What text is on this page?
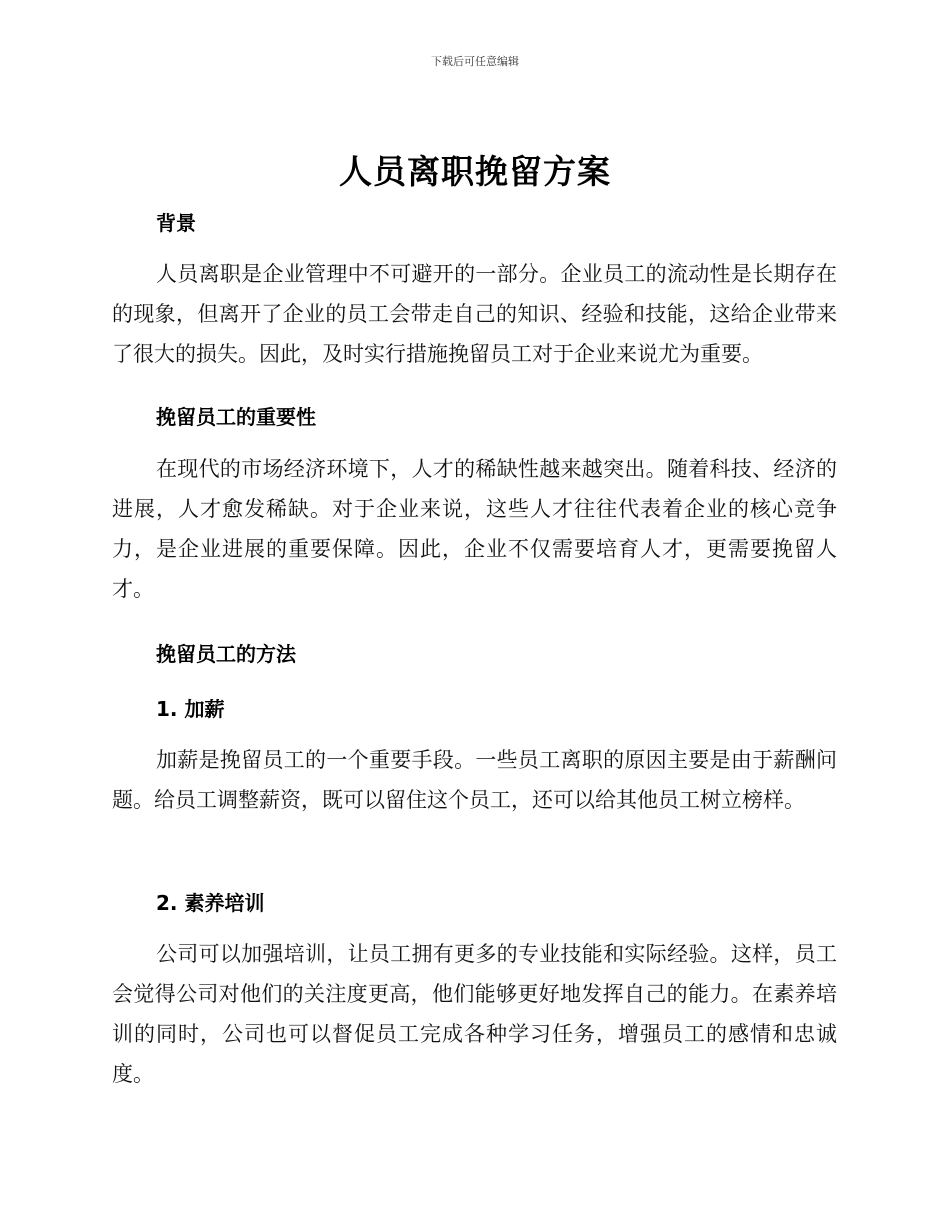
下载后可任意编辑
人员离职挽留方案
背景
人员离职是企业管理中不可避开的一部分。企业员工的流动性是长期存在的现象，但离开了企业的员工会带走自己的知识、经验和技能，这给企业带来了很大的损失。因此，及时实行措施挽留员工对于企业来说尤为重要。
挽留员工的重要性
在现代的市场经济环境下，人才的稀缺性越来越突出。随着科技、经济的进展，人才愈发稀缺。对于企业来说，这些人才往往代表着企业的核心竞争力，是企业进展的重要保障。因此，企业不仅需要培育人才，更需要挽留人才。
挽留员工的方法
1. 加薪
加薪是挽留员工的一个重要手段。一些员工离职的原因主要是由于薪酬问题。给员工调整薪资，既可以留住这个员工，还可以给其他员工树立榜样。
2. 素养培训
公司可以加强培训，让员工拥有更多的专业技能和实际经验。这样，员工会觉得公司对他们的关注度更高，他们能够更好地发挥自己的能力。在素养培训的同时，公司也可以督促员工完成各种学习任务，增强员工的感情和忠诚度。
